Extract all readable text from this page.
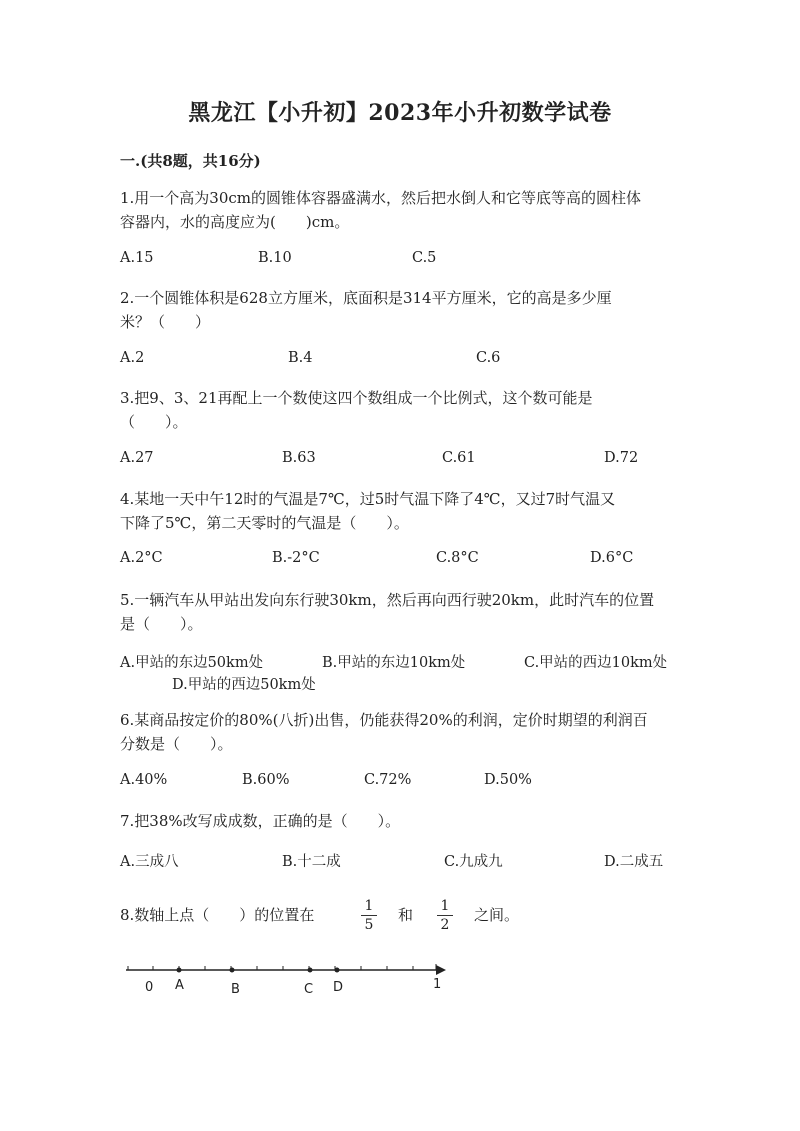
黑龙江【小升初】2023年小升初数学试卷
一.(共8题，共16分)
1.用一个高为30cm的圆锥体容器盛满水，然后把水倒人和它等底等高的圆柱体
容器内，水的高度应为(　　)cm。
A.15	B.10	C.5
2.一个圆锥体积是628立方厘米，底面积是314平方厘米，它的高是多少厘
米？（　　）
A.2	B.4	C.6
3.把9、3、21再配上一个数使这四个数组成一个比例式，这个数可能是
（　　）。
A.27	B.63	C.61	D.72
4.某地一天中午12时的气温是7℃，过5时气温下降了4℃，又过7时气温又
下降了5℃，第二天零时的气温是（　　）。
A.2°C	B.-2°C	C.8°C	D.6°C
5.一辆汽车从甲站出发向东行驶30km，然后再向西行驶20km，此时汽车的位置
是（　　）。
A.甲站的东边50km处	B.甲站的东边10km处	C.甲站的西边10km处
D.甲站的西边50km处
6.某商品按定价的80%(八折)出售，仍能获得20%的利润，定价时期望的利润百
分数是（　　）。
A.40%	B.60%	C.72%	D.50%
7.把38%改写成成数，正确的是（　　）。
A.三成八	B.十二成	C.九成九	D.二成五
8.数轴上点（　　）的位置在	1
5
和 1
2
之间。
0 A	B	C D	1
